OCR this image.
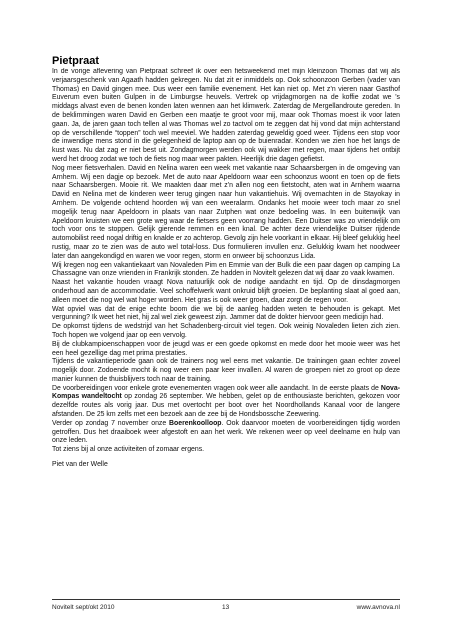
Pietpraat

In de vorige aflevering van Pietpraat schreef ik over een fietsweekend met mijn kleinzoon Thomas dat wij als verjaarsgeschenk van Agaath hadden gekregen. Nu dat zit er inmiddels op. Ook schoonzoon Gerben (vader van Thomas) en David gingen mee. Dus weer een familie evenement. Het kan niet op. Met z’n vieren naar Gasthof Euverum even buiten Gulpen in de Limburgse heuvels. Vertrek op vrijdagmorgen na de koffie zodat we ’s middags alvast even de benen konden laten wennen aan het klimwerk. Zaterdag de Mergellandroute gereden. In de beklimmingen waren David en Gerben een maatje te groot voor mij, maar ook Thomas moest ik voor laten gaan. Ja, de jaren gaan toch tellen al was Thomas wel zo tactvol om te zeggen dat hij vond dat mijn achterstand op de verschillende “toppen” toch wel meeviel. We hadden zaterdag geweldig goed weer. Tijdens een stop voor de inwendige mens stond in die gelegenheid de laptop aan op de buienradar. Konden we zien hoe het langs de kust was. Nu dat zag er niet best uit. Zondagmorgen werden ook wij wakker met regen, maar tijdens het ontbijt werd het droog zodat we toch de fiets nog maar weer pakten. Heerlijk drie dagen gefietst.

Nog meer fietsverhalen. David en Nelina waren een week met vakantie naar Schaarsbergen in de omgeving van Arnhem. Wij een dagje op bezoek. Met de auto naar Apeldoorn waar een schoonzus woont en toen op de fiets naar Schaarsbergen. Mooie rit. We maakten daar met z’n allen nog een fietstocht, aten wat in Arnhem waarna David en Nelina met de kinderen weer terug gingen naar hun vakantiehuis. Wij overnachten in de Stayokay in Arnhem. De volgende ochtend hoorden wij van een weeralarm. Ondanks het mooie weer toch maar zo snel mogelijk terug naar Apeldoorn in plaats van naar Zutphen wat onze bedoeling was. In een buitenwijk van Apeldoorn kruisten we een grote weg waar de fietsers geen voorrang hadden. Een Duitser was zo vriendelijk om toch voor ons te stoppen. Gelijk gierende remmen en een knal. De achter deze vriendelijke Duitser rijdende automobilist reed nogal driftig en knalde er zo achterop. Gevolg zijn hele voorkant in elkaar. Hij bleef gelukkig heel rustig, maar zo te zien was de auto wel total-loss. Dus formulieren invullen enz. Gelukkig kwam het noodweer later dan aangekondigd en waren we voor regen, storm en onweer bij schoonzus Lida.

Wij kregen nog een vakantiekaart van Novaleden Pim en Emmie van der Bulk die een paar dagen op camping La Chassagne van onze vrienden in Frankrijk stonden. Ze hadden in Novitelt gelezen dat wij daar zo vaak kwamen.

Naast het vakantie houden vraagt Nova natuurlijk ook de nodige aandacht en tijd. Op de dinsdagmorgen onderhoud aan de accommodatie. Veel schoffelwerk want onkruid blijft groeien. De beplanting slaat al goed aan, alleen moet die nog wel wat hoger worden. Het gras is ook weer groen, daar zorgt de regen voor.

Wat opviel was dat de enige echte boom die we bij de aanleg hadden weten te behouden is gekapt. Met vergunning? Ik weet het niet, hij zal wel ziek geweest zijn. Jammer dat de dokter hiervoor geen medicijn had.

De opkomst tijdens de wedstrijd van het Schadenberg-circuit viel tegen. Ook weinig Novaleden lieten zich zien. Toch hopen we volgend jaar op een vervolg.

Bij de clubkampioenschappen voor de jeugd was er een goede opkomst en mede door het mooie weer was het een heel gezellige dag met prima prestaties.

Tijdens de vakantieperiode gaan ook de trainers nog wel eens met vakantie. De trainingen gaan echter zoveel mogelijk door. Zodoende mocht ik nog weer een paar keer invallen. Al waren de groepen niet zo groot op deze manier kunnen de thuisblijvers toch naar de training.

De voorbereidingen voor enkele grote evenementen vragen ook weer alle aandacht. In de eerste plaats de Nova-Kompas wandeltocht op zondag 26 september. We hebben, gelet op de enthousiaste berichten, gekozen voor dezelfde routes als vorig jaar. Dus met overtocht per boot over het Noordhollands Kanaal voor de langere afstanden. De 25 km zelfs met een bezoek aan de zee bij de Hondsbossche Zeewering.

Verder op zondag 7 november onze Boerenkoolloop. Ook daarvoor moeten de voorbereidingen tijdig worden getroffen. Dus het draaiboek weer afgestoft en aan het werk. We rekenen weer op veel deelname en hulp van onze leden.

Tot ziens bij al onze activiteiten of zomaar ergens.

Piet van der Welle

Novitelt sept/okt 2010	13	www.avnova.nl
